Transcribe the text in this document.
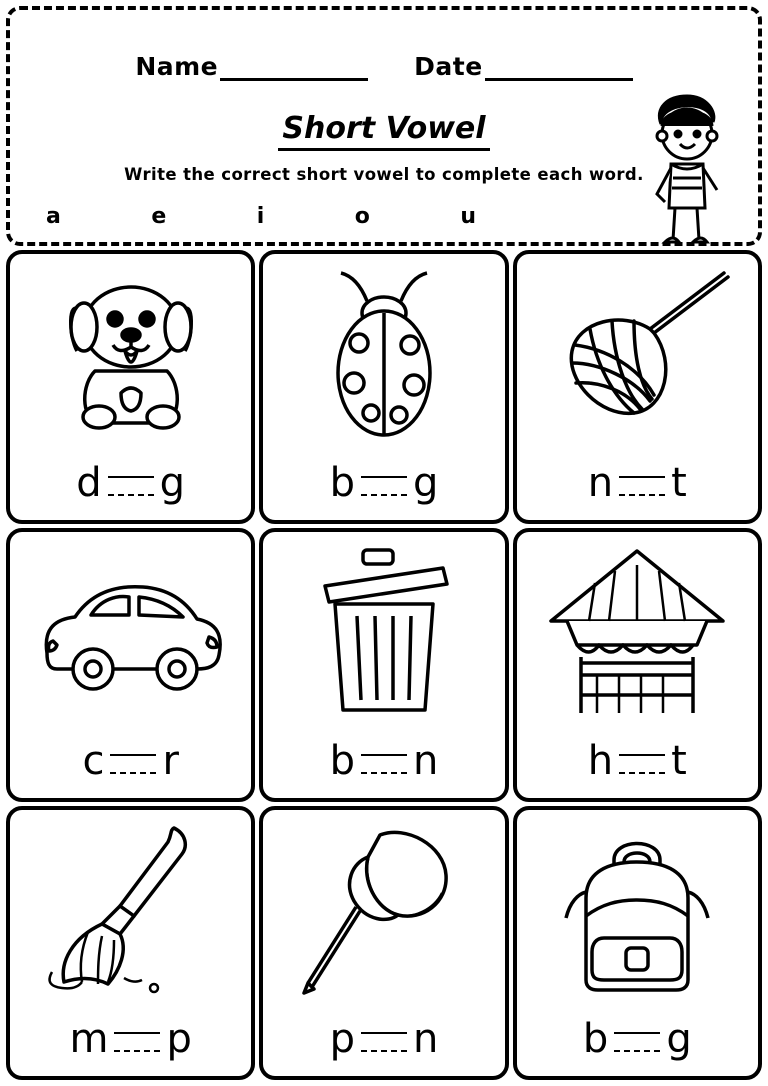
Name	Date
Short Vowel
Write the correct short vowel to complete each word.
a	e	i	o	u
d g	b g	n t
c r	b n	h t
m p	p n	b g
